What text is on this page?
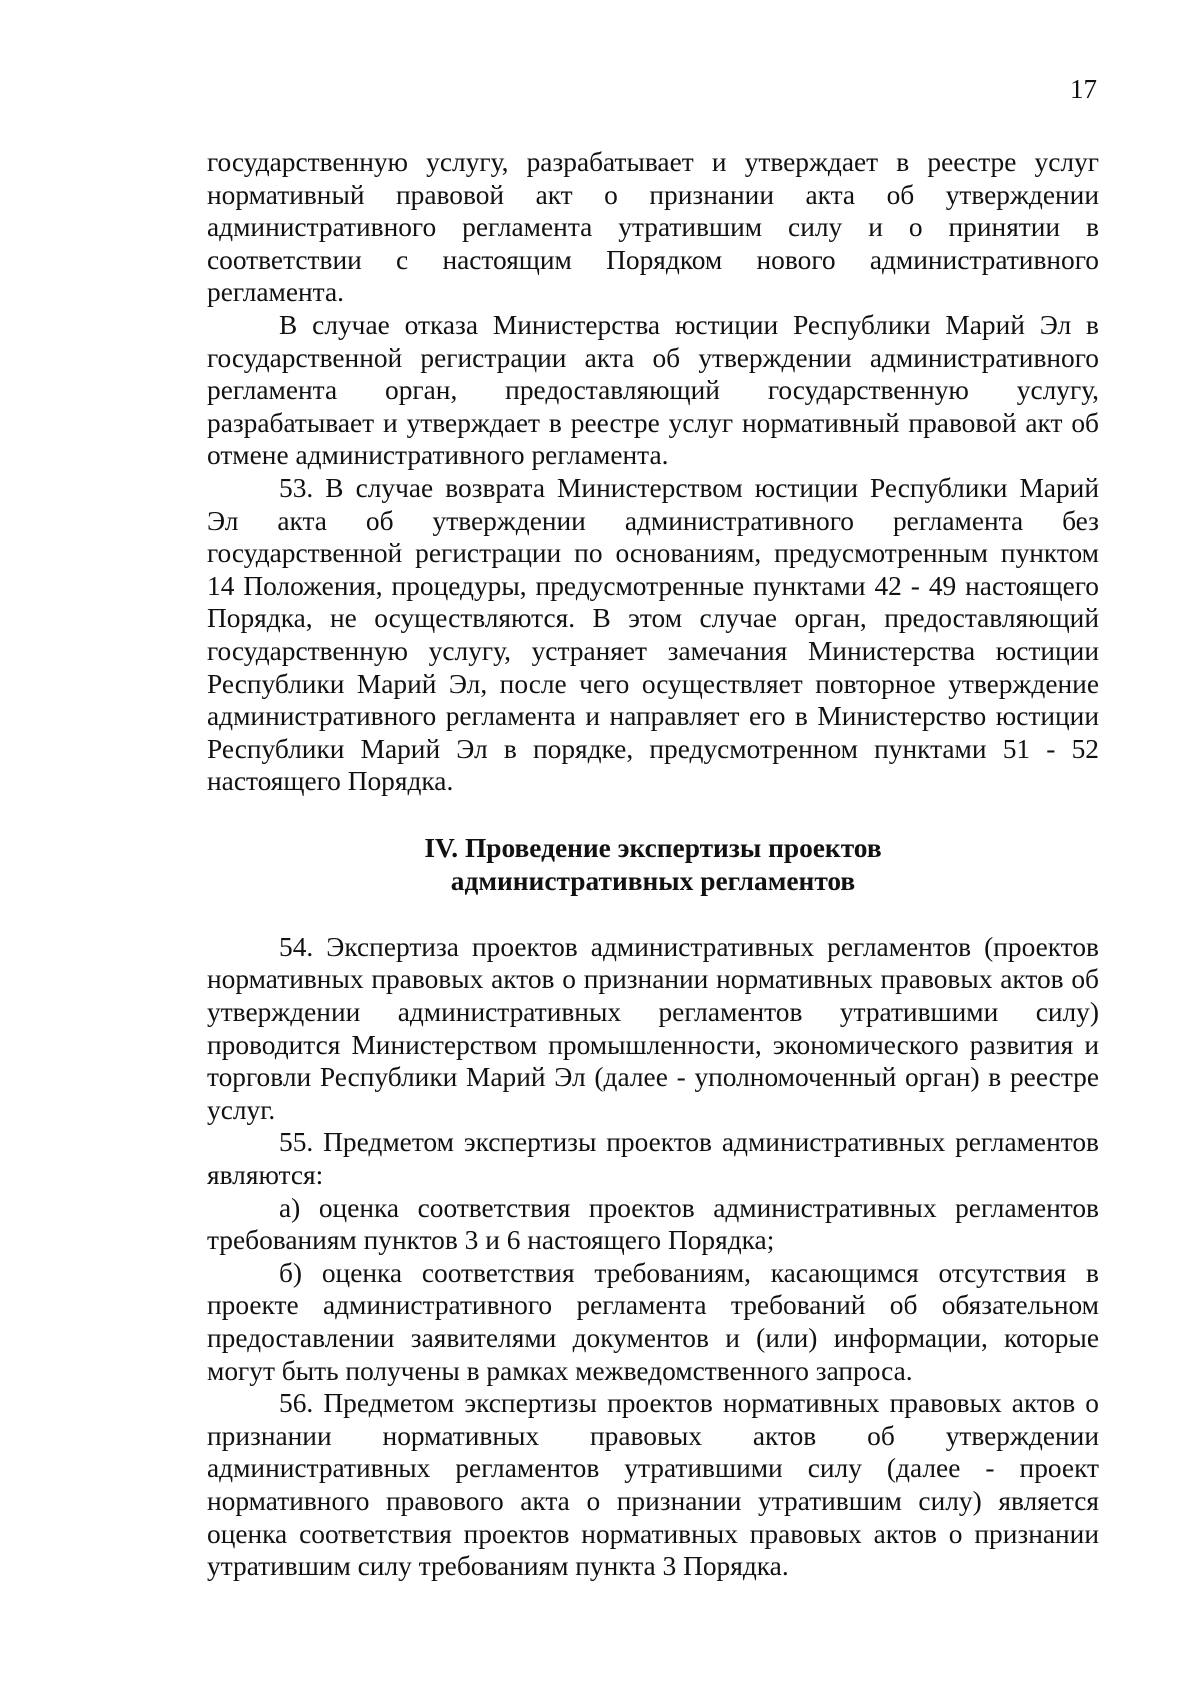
17

государственную услугу, разрабатывает и утверждает в реестре услуг нормативный правовой акт о признании акта об утверждении административного регламента утратившим силу и о принятии в соответствии с настоящим Порядком нового административного регламента.

В случае отказа Министерства юстиции Республики Марий Эл в государственной регистрации акта об утверждении административного регламента орган, предоставляющий государственную услугу, разрабатывает и утверждает в реестре услуг нормативный правовой акт об отмене административного регламента.

53. В случае возврата Министерством юстиции Республики Марий Эл акта об утверждении административного регламента без государственной регистрации по основаниям, предусмотренным пунктом 14 Положения, процедуры, предусмотренные пунктами 42 - 49 настоящего Порядка, не осуществляются. В этом случае орган, предоставляющий государственную услугу, устраняет замечания Министерства юстиции Республики Марий Эл, после чего осуществляет повторное утверждение административного регламента и направляет его в Министерство юстиции Республики Марий Эл в порядке, предусмотренном пунктами 51 - 52 настоящего Порядка.

IV. Проведение экспертизы проектов
административных регламентов

54. Экспертиза проектов административных регламентов (проектов нормативных правовых актов о признании нормативных правовых актов об утверждении административных регламентов утратившими силу) проводится Министерством промышленности, экономического развития и торговли Республики Марий Эл (далее - уполномоченный орган) в реестре услуг.

55. Предметом экспертизы проектов административных регламентов являются:

а) оценка соответствия проектов административных регламентов требованиям пунктов 3 и 6 настоящего Порядка;

б) оценка соответствия требованиям, касающимся отсутствия в проекте административного регламента требований об обязательном предоставлении заявителями документов и (или) информации, которые могут быть получены в рамках межведомственного запроса.

56. Предметом экспертизы проектов нормативных правовых актов о признании нормативных правовых актов об утверждении административных регламентов утратившими силу (далее - проект нормативного правового акта о признании утратившим силу) является оценка соответствия проектов нормативных правовых актов о признании утратившим силу требованиям пункта 3 Порядка.
